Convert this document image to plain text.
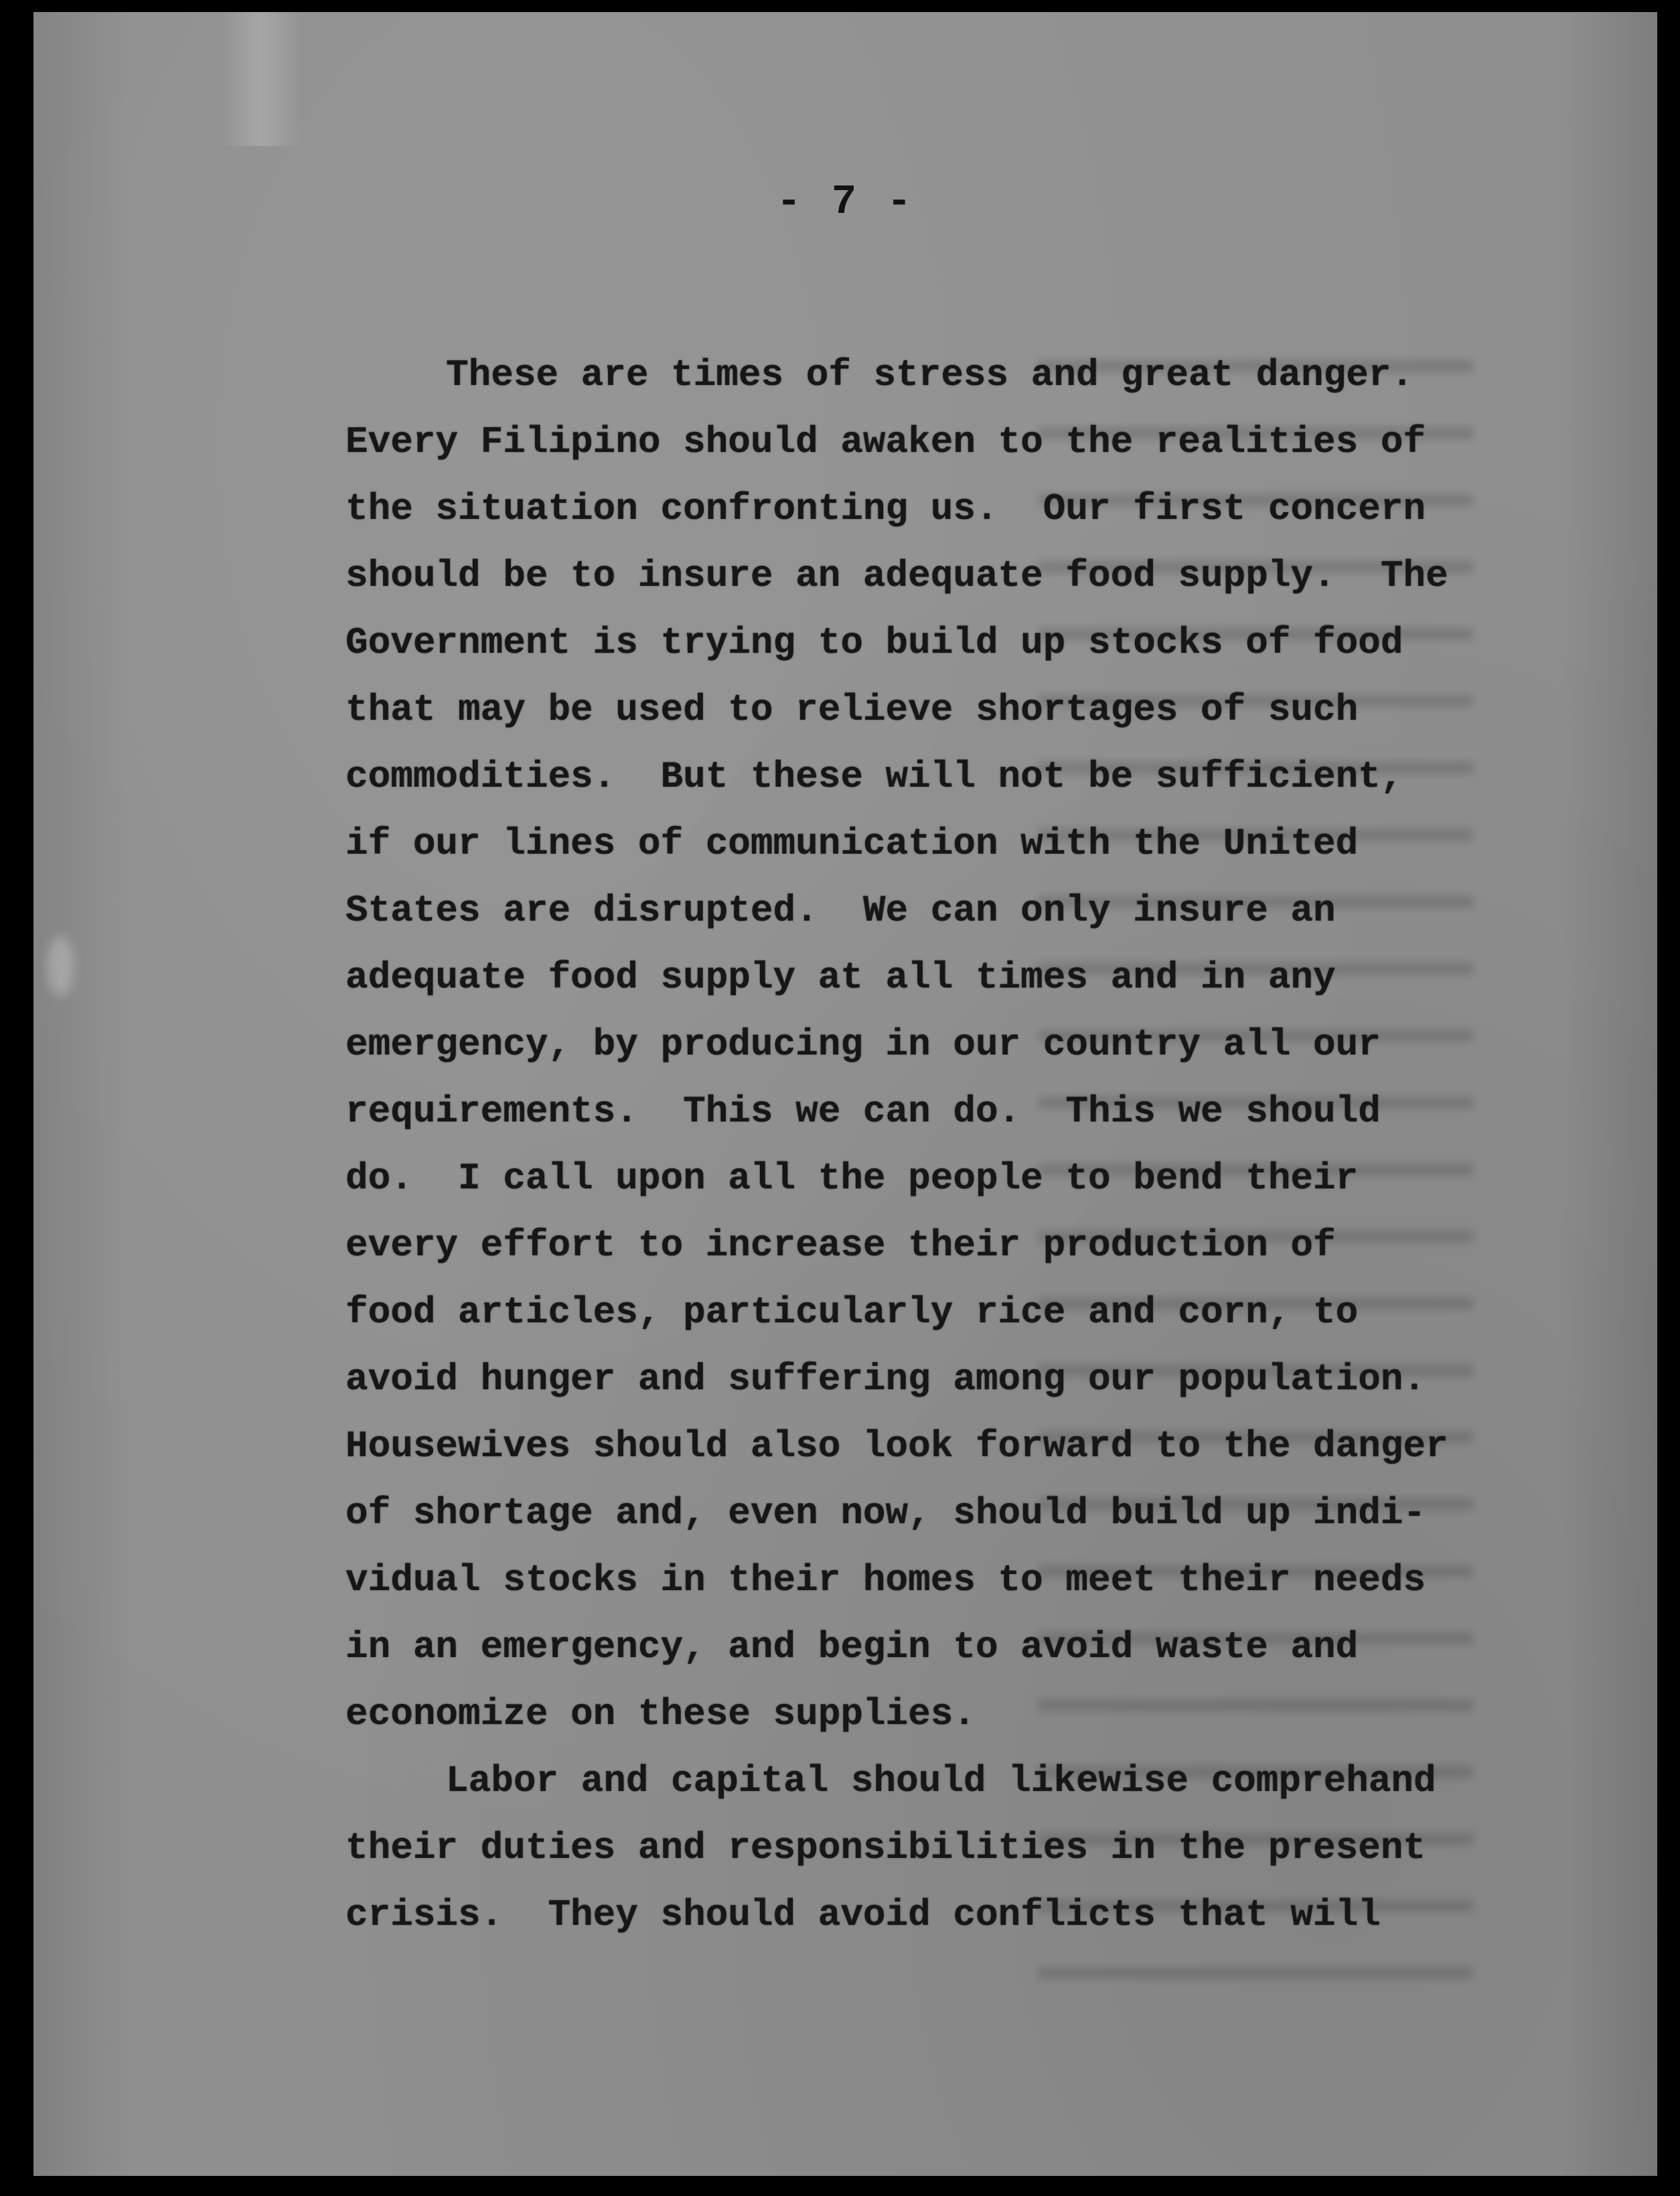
- 7 -
These are times of stress and great danger.
Every Filipino should awaken to the realities of
the situation confronting us.  Our first concern
should be to insure an adequate food supply.  The
Government is trying to build up stocks of food
that may be used to relieve shortages of such
commodities.  But these will not be sufficient,
if our lines of communication with the United
States are disrupted.  We can only insure an
adequate food supply at all times and in any
emergency, by producing in our country all our
requirements.  This we can do.  This we should
do.  I call upon all the people to bend their
every effort to increase their production of
food articles, particularly rice and corn, to
avoid hunger and suffering among our population.
Housewives should also look forward to the danger
of shortage and, even now, should build up indi-
vidual stocks in their homes to meet their needs
in an emergency, and begin to avoid waste and
economize on these supplies.
Labor and capital should likewise comprehand
their duties and responsibilities in the present
crisis.  They should avoid conflicts that will
